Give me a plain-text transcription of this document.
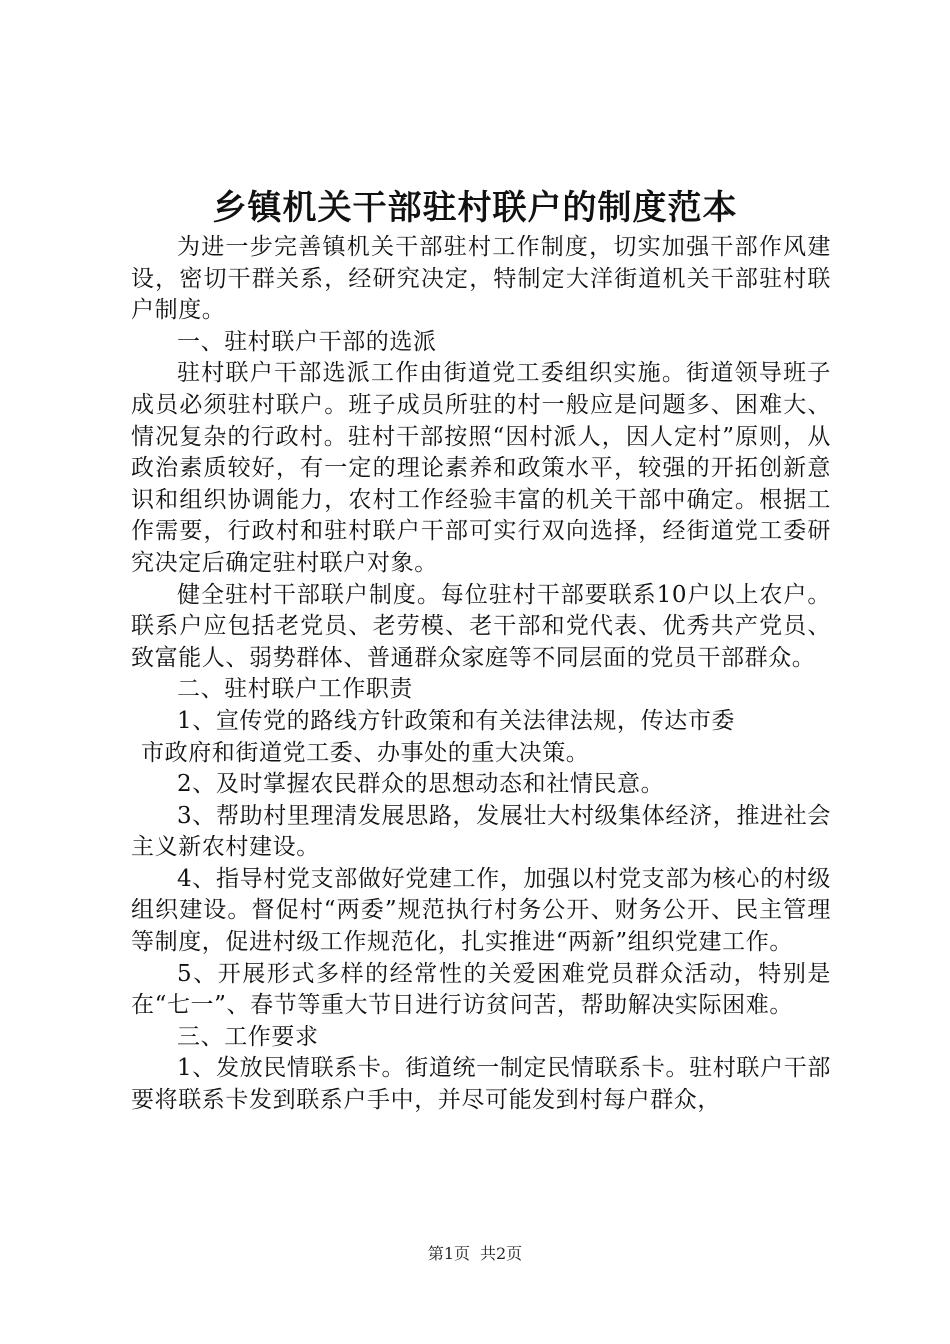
乡镇机关干部驻村联户的制度范本

为进一步完善镇机关干部驻村工作制度，切实加强干部作风建设，密切干群关系，经研究决定，特制定大洋街道机关干部驻村联户制度。

一、驻村联户干部的选派

驻村联户干部选派工作由街道党工委组织实施。街道领导班子成员必须驻村联户。班子成员所驻的村一般应是问题多、困难大、情况复杂的行政村。驻村干部按照“因村派人，因人定村”原则，从政治素质较好，有一定的理论素养和政策水平，较强的开拓创新意识和组织协调能力，农村工作经验丰富的机关干部中确定。根据工作需要，行政村和驻村联户干部可实行双向选择，经街道党工委研究决定后确定驻村联户对象。

健全驻村干部联户制度。每位驻村干部要联系10户以上农户。联系户应包括老党员、老劳模、老干部和党代表、优秀共产党员、致富能人、弱势群体、普通群众家庭等不同层面的党员干部群众。

二、驻村联户工作职责

1、宣传党的路线方针政策和有关法律法规，传达市委

市政府和街道党工委、办事处的重大决策。

2、及时掌握农民群众的思想动态和社情民意。

3、帮助村里理清发展思路，发展壮大村级集体经济，推进社会主义新农村建设。

4、指导村党支部做好党建工作，加强以村党支部为核心的村级组织建设。督促村“两委”规范执行村务公开、财务公开、民主管理等制度，促进村级工作规范化，扎实推进“两新”组织党建工作。

5、开展形式多样的经常性的关爱困难党员群众活动，特别是在“七一”、春节等重大节日进行访贫问苦，帮助解决实际困难。

三、工作要求

1、发放民情联系卡。街道统一制定民情联系卡。驻村联户干部要将联系卡发到联系户手中，并尽可能发到村每户群众，

第1页 共2页
